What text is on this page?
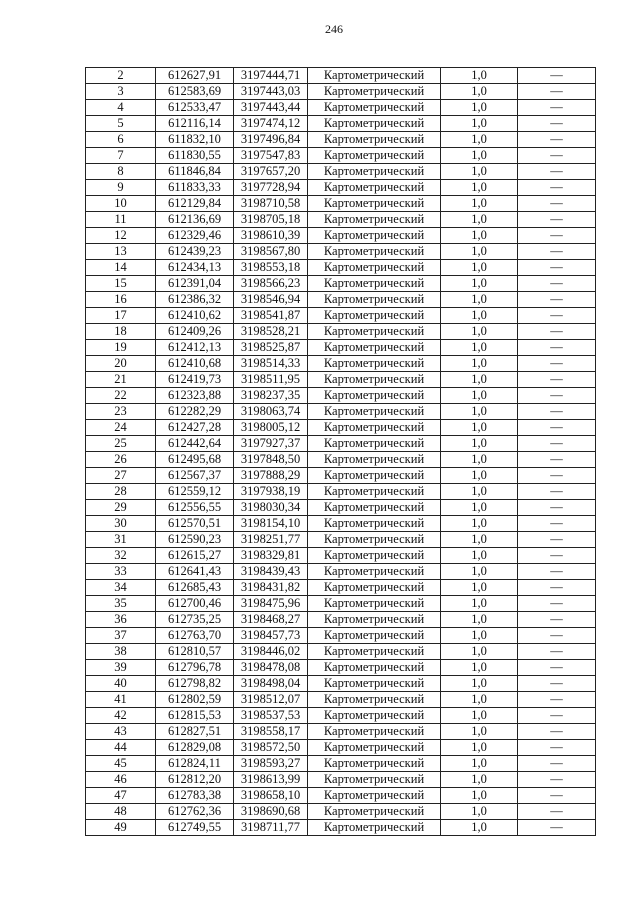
246
2	612627,91	3197444,71	Картометрический	1,0	—
3	612583,69	3197443,03	Картометрический	1,0	—
4	612533,47	3197443,44	Картометрический	1,0	—
5	612116,14	3197474,12	Картометрический	1,0	—
6	611832,10	3197496,84	Картометрический	1,0	—
7	611830,55	3197547,83	Картометрический	1,0	—
8	611846,84	3197657,20	Картометрический	1,0	—
9	611833,33	3197728,94	Картометрический	1,0	—
10	612129,84	3198710,58	Картометрический	1,0	—
11	612136,69	3198705,18	Картометрический	1,0	—
12	612329,46	3198610,39	Картометрический	1,0	—
13	612439,23	3198567,80	Картометрический	1,0	—
14	612434,13	3198553,18	Картометрический	1,0	—
15	612391,04	3198566,23	Картометрический	1,0	—
16	612386,32	3198546,94	Картометрический	1,0	—
17	612410,62	3198541,87	Картометрический	1,0	—
18	612409,26	3198528,21	Картометрический	1,0	—
19	612412,13	3198525,87	Картометрический	1,0	—
20	612410,68	3198514,33	Картометрический	1,0	—
21	612419,73	3198511,95	Картометрический	1,0	—
22	612323,88	3198237,35	Картометрический	1,0	—
23	612282,29	3198063,74	Картометрический	1,0	—
24	612427,28	3198005,12	Картометрический	1,0	—
25	612442,64	3197927,37	Картометрический	1,0	—
26	612495,68	3197848,50	Картометрический	1,0	—
27	612567,37	3197888,29	Картометрический	1,0	—
28	612559,12	3197938,19	Картометрический	1,0	—
29	612556,55	3198030,34	Картометрический	1,0	—
30	612570,51	3198154,10	Картометрический	1,0	—
31	612590,23	3198251,77	Картометрический	1,0	—
32	612615,27	3198329,81	Картометрический	1,0	—
33	612641,43	3198439,43	Картометрический	1,0	—
34	612685,43	3198431,82	Картометрический	1,0	—
35	612700,46	3198475,96	Картометрический	1,0	—
36	612735,25	3198468,27	Картометрический	1,0	—
37	612763,70	3198457,73	Картометрический	1,0	—
38	612810,57	3198446,02	Картометрический	1,0	—
39	612796,78	3198478,08	Картометрический	1,0	—
40	612798,82	3198498,04	Картометрический	1,0	—
41	612802,59	3198512,07	Картометрический	1,0	—
42	612815,53	3198537,53	Картометрический	1,0	—
43	612827,51	3198558,17	Картометрический	1,0	—
44	612829,08	3198572,50	Картометрический	1,0	—
45	612824,11	3198593,27	Картометрический	1,0	—
46	612812,20	3198613,99	Картометрический	1,0	—
47	612783,38	3198658,10	Картометрический	1,0	—
48	612762,36	3198690,68	Картометрический	1,0	—
49	612749,55	3198711,77	Картометрический	1,0	—
